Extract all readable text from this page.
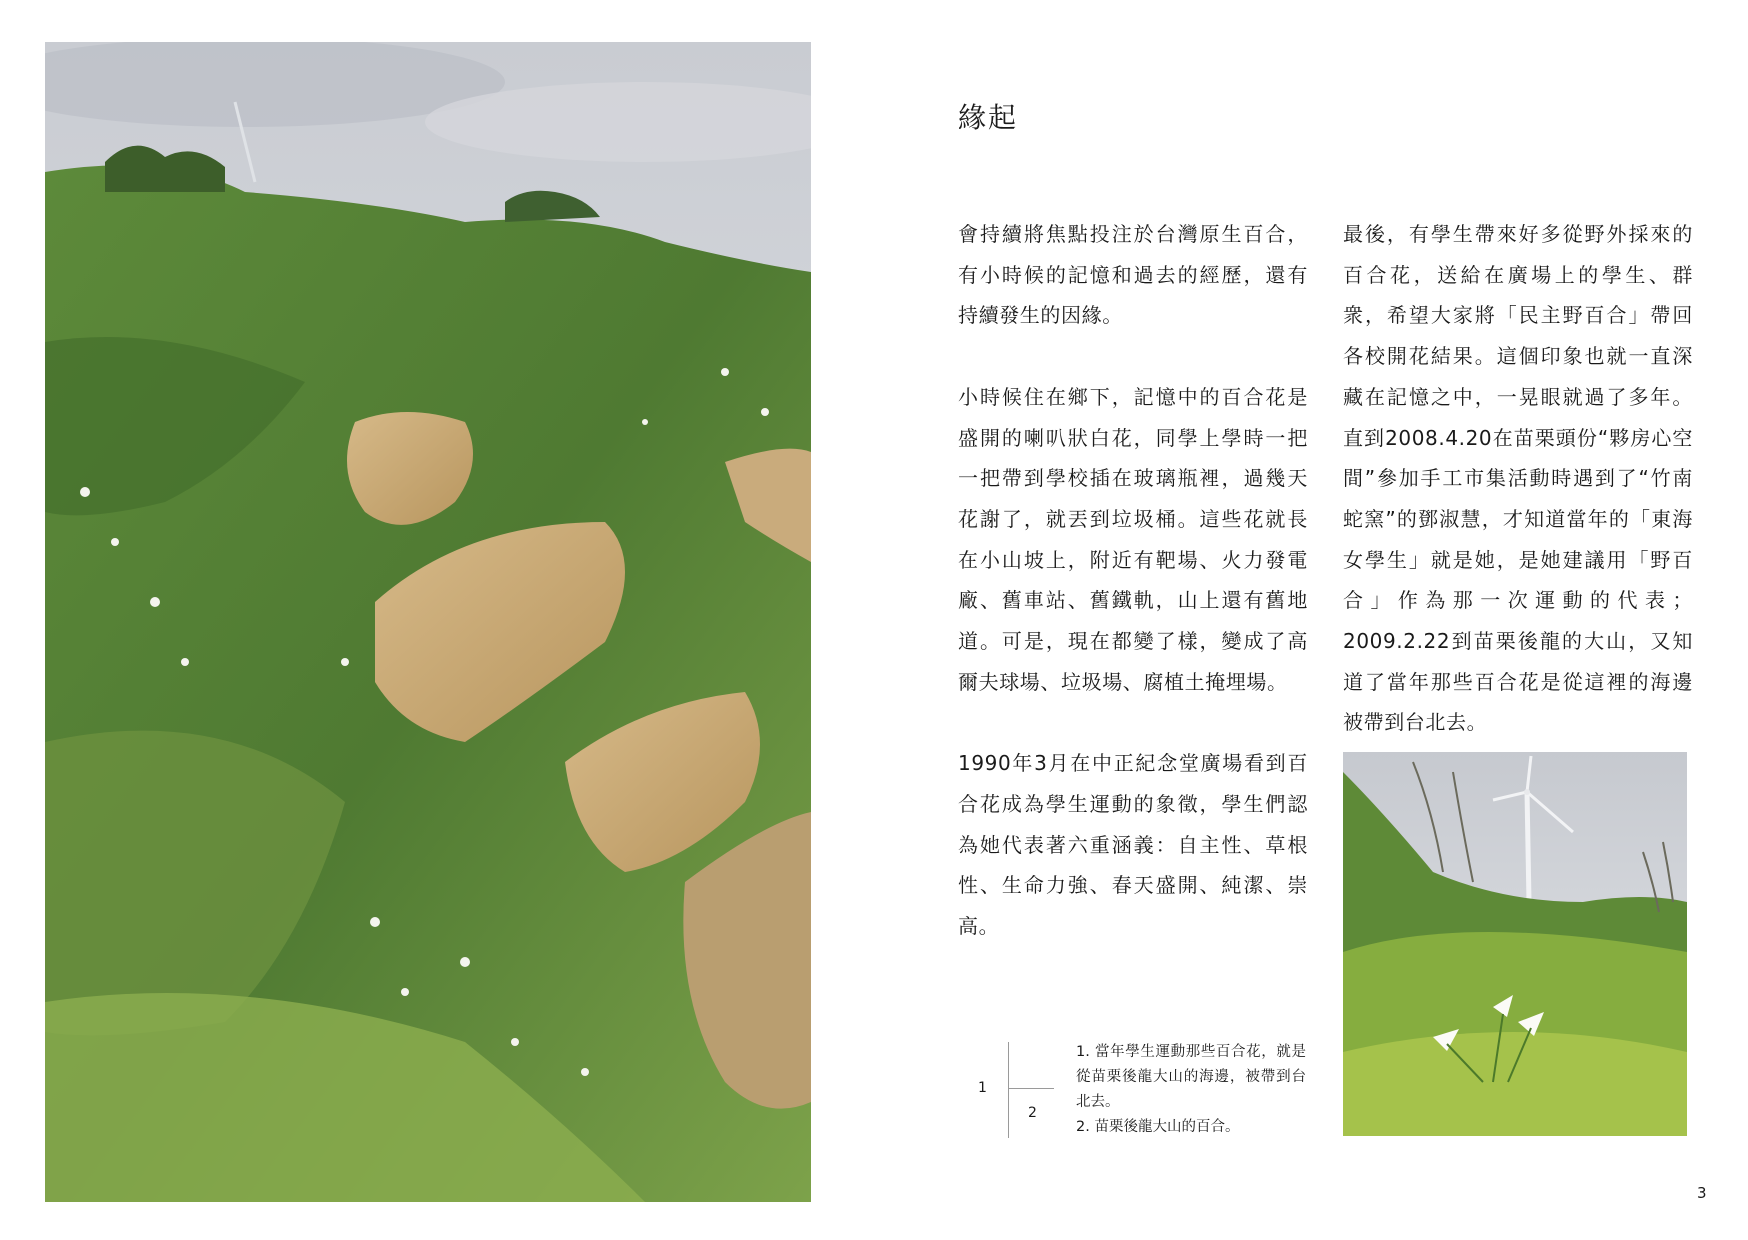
緣起

會持續將焦點投注於台灣原生百合，有小時候的記憶和過去的經歷，還有持續發生的因緣。

小時候住在鄉下，記憶中的百合花是盛開的喇叭狀白花，同學上學時一把一把帶到學校插在玻璃瓶裡，過幾天花謝了，就丟到垃圾桶。這些花就長在小山坡上，附近有靶場、火力發電廠、舊車站、舊鐵軌，山上還有舊地道。可是，現在都變了樣，變成了高爾夫球場、垃圾場、腐植土掩埋場。

1990年3月在中正紀念堂廣場看到百合花成為學生運動的象徵，學生們認為她代表著六重涵義：自主性、草根性、生命力強、春天盛開、純潔、崇高。

最後，有學生帶來好多從野外採來的百合花，送給在廣場上的學生、群衆，希望大家將「民主野百合」帶回各校開花結果。這個印象也就一直深藏在記憶之中，一晃眼就過了多年。直到2008.4.20在苗栗頭份“夥房心空間”參加手工市集活動時遇到了“竹南蛇窯”的鄧淑慧，才知道當年的「東海女學生」就是她，是她建議用「野百合」作為那一次運動的代表；2009.2.22到苗栗後龍的大山，又知道了當年那些百合花是從這裡的海邊被帶到台北去。

1
2

1. 當年學生運動那些百合花，就是從苗栗後龍大山的海邊，被帶到台北去。

2. 苗栗後龍大山的百合。

3
